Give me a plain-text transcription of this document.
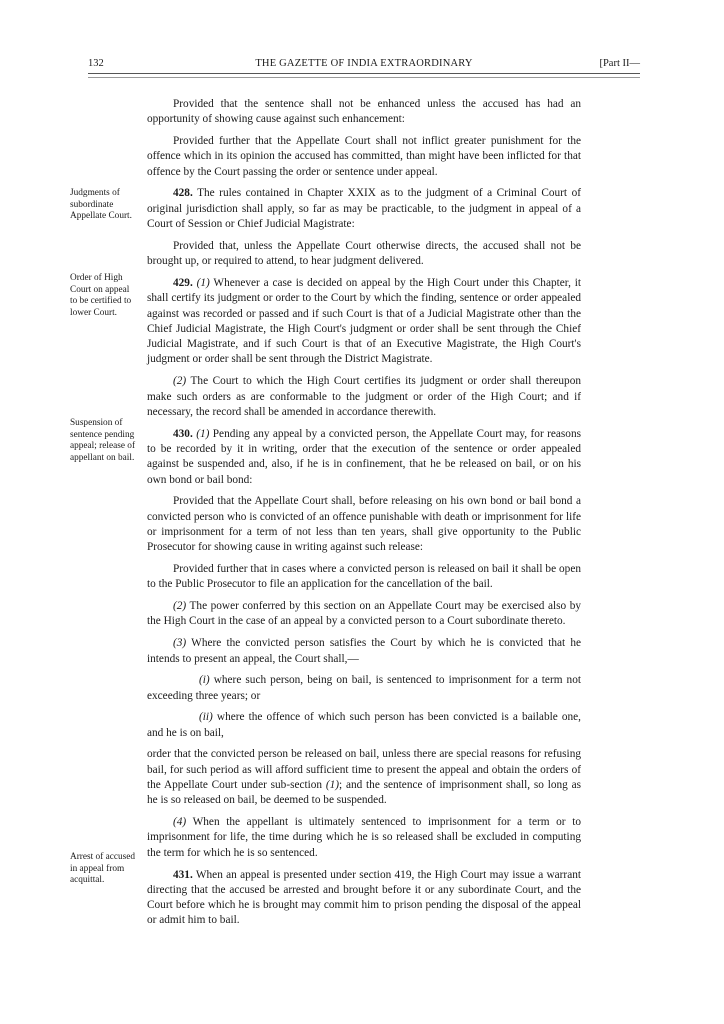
132	THE GAZETTE OF INDIA EXTRAORDINARY	[Part II—
Judgments of subordinate Appellate Court.
Order of High Court on appeal to be certified to lower Court.
Suspension of sentence pending appeal; release of appellant on bail.
Arrest of accused in appeal from acquittal.

Provided that the sentence shall not be enhanced unless the accused has had an opportunity of showing cause against such enhancement:

Provided further that the Appellate Court shall not inflict greater punishment for the offence which in its opinion the accused has committed, than might have been inflicted for that offence by the Court passing the order or sentence under appeal.

428. The rules contained in Chapter XXIX as to the judgment of a Criminal Court of original jurisdiction shall apply, so far as may be practicable, to the judgment in appeal of a Court of Session or Chief Judicial Magistrate:

Provided that, unless the Appellate Court otherwise directs, the accused shall not be brought up, or required to attend, to hear judgment delivered.

429. (1) Whenever a case is decided on appeal by the High Court under this Chapter, it shall certify its judgment or order to the Court by which the finding, sentence or order appealed against was recorded or passed and if such Court is that of a Judicial Magistrate other than the Chief Judicial Magistrate, the High Court's judgment or order shall be sent through the Chief Judicial Magistrate, and if such Court is that of an Executive Magistrate, the High Court's judgment or order shall be sent through the District Magistrate.

(2) The Court to which the High Court certifies its judgment or order shall thereupon make such orders as are conformable to the judgment or order of the High Court; and if necessary, the record shall be amended in accordance therewith.

430. (1) Pending any appeal by a convicted person, the Appellate Court may, for reasons to be recorded by it in writing, order that the execution of the sentence or order appealed against be suspended and, also, if he is in confinement, that he be released on bail, or on his own bond or bail bond:

Provided that the Appellate Court shall, before releasing on his own bond or bail bond a convicted person who is convicted of an offence punishable with death or imprisonment for life or imprisonment for a term of not less than ten years, shall give opportunity to the Public Prosecutor for showing cause in writing against such release:

Provided further that in cases where a convicted person is released on bail it shall be open to the Public Prosecutor to file an application for the cancellation of the bail.

(2) The power conferred by this section on an Appellate Court may be exercised also by the High Court in the case of an appeal by a convicted person to a Court subordinate thereto.

(3) Where the convicted person satisfies the Court by which he is convicted that he intends to present an appeal, the Court shall,—

(i) where such person, being on bail, is sentenced to imprisonment for a term not exceeding three years; or

(ii) where the offence of which such person has been convicted is a bailable one, and he is on bail,

order that the convicted person be released on bail, unless there are special reasons for refusing bail, for such period as will afford sufficient time to present the appeal and obtain the orders of the Appellate Court under sub-section (1); and the sentence of imprisonment shall, so long as he is so released on bail, be deemed to be suspended.

(4) When the appellant is ultimately sentenced to imprisonment for a term or to imprisonment for life, the time during which he is so released shall be excluded in computing the term for which he is so sentenced.

431. When an appeal is presented under section 419, the High Court may issue a warrant directing that the accused be arrested and brought before it or any subordinate Court, and the Court before which he is brought may commit him to prison pending the disposal of the appeal or admit him to bail.
